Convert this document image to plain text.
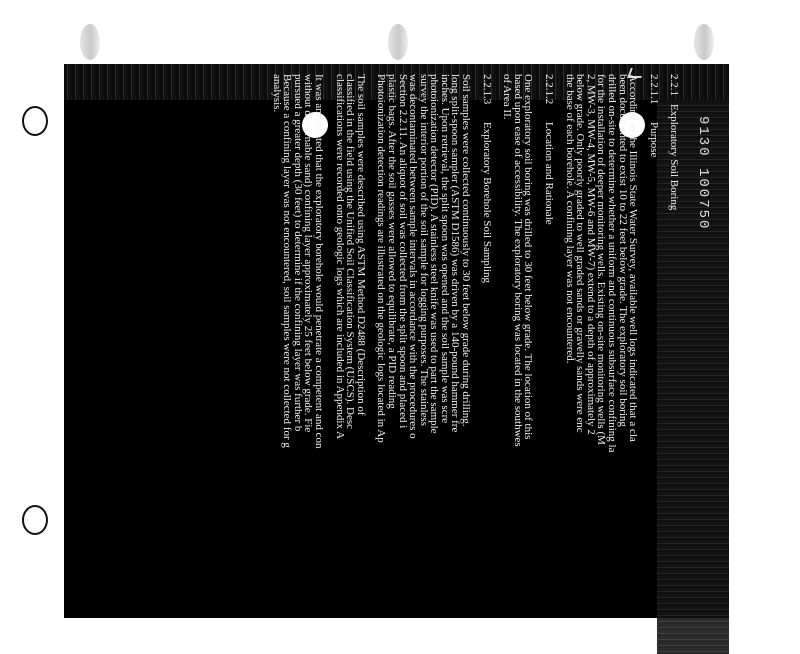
9130 100750
2.2.1Exploratory Soil Boring
2.2.1.1Purpose
According to the Illinois State Water Survey, available well logs indicated that a cla
been documented to exist 10 to 22 feet below grade. The exploratory soil boring
drilled on-site to determine whether a uniform and continuous subsurface confining la
for the installation of deeper monitoring wells. Existing on-site monitoring wells (M
2, MW-3, MW-4, MW-5, MW-6 and MW-7) extend to a depth of approximately 2
below grade. Only poorly graded to well graded sands or gravelly sands were enc
the base of each borehole. A confining layer was not encountered.
2.2.1.2Location and Rationale
One exploratory soil boring was drilled to 30 feet below grade. The location of this
based upon ease of accessibility. The exploratory boring was located in the southwes
of Area II.
2.2.1.3Exploratory Borehole Soil Sampling
Soil samples were collected continuously to 30 feet below grade during drilling.
long split-spoon sampler (ASTM D1586) was driven by a 140-pound hammer fre
inches. Upon retrieval, the split spoon was opened and the soil sample was scre
photoionization detector (PID). A stainless steel knife was used to part the sample
survey the interior portion of the soil sample for logging purposes. The stainless
was decontaminated between sample intervals in accordance with the procedures o
Section 2.2.11. An aliquot of soil was collected from the split spoon and placed i
plastic bags. After the soil gasses were allowed to equilibrate, a PID reading
Photoionization detection readings are illustrated on the geologic logs located in Ap
The soil samples were described using ASTM Method D2488 (Description of
classified in the field using the Unified Soil Classification System (USCS). Desc
classifications were recorded onto geologic logs which are included in Appendix A
It was anticipated that the exploratory borehole would penetrate a competent and con
without discernable sand) confining layer approximately 25 feet below grade. Fie
pursued a greater depth (30 feet) to determine if the confining layer was further b
Because a confining layer was not encountered, soil samples were not collected for g
analysis.
